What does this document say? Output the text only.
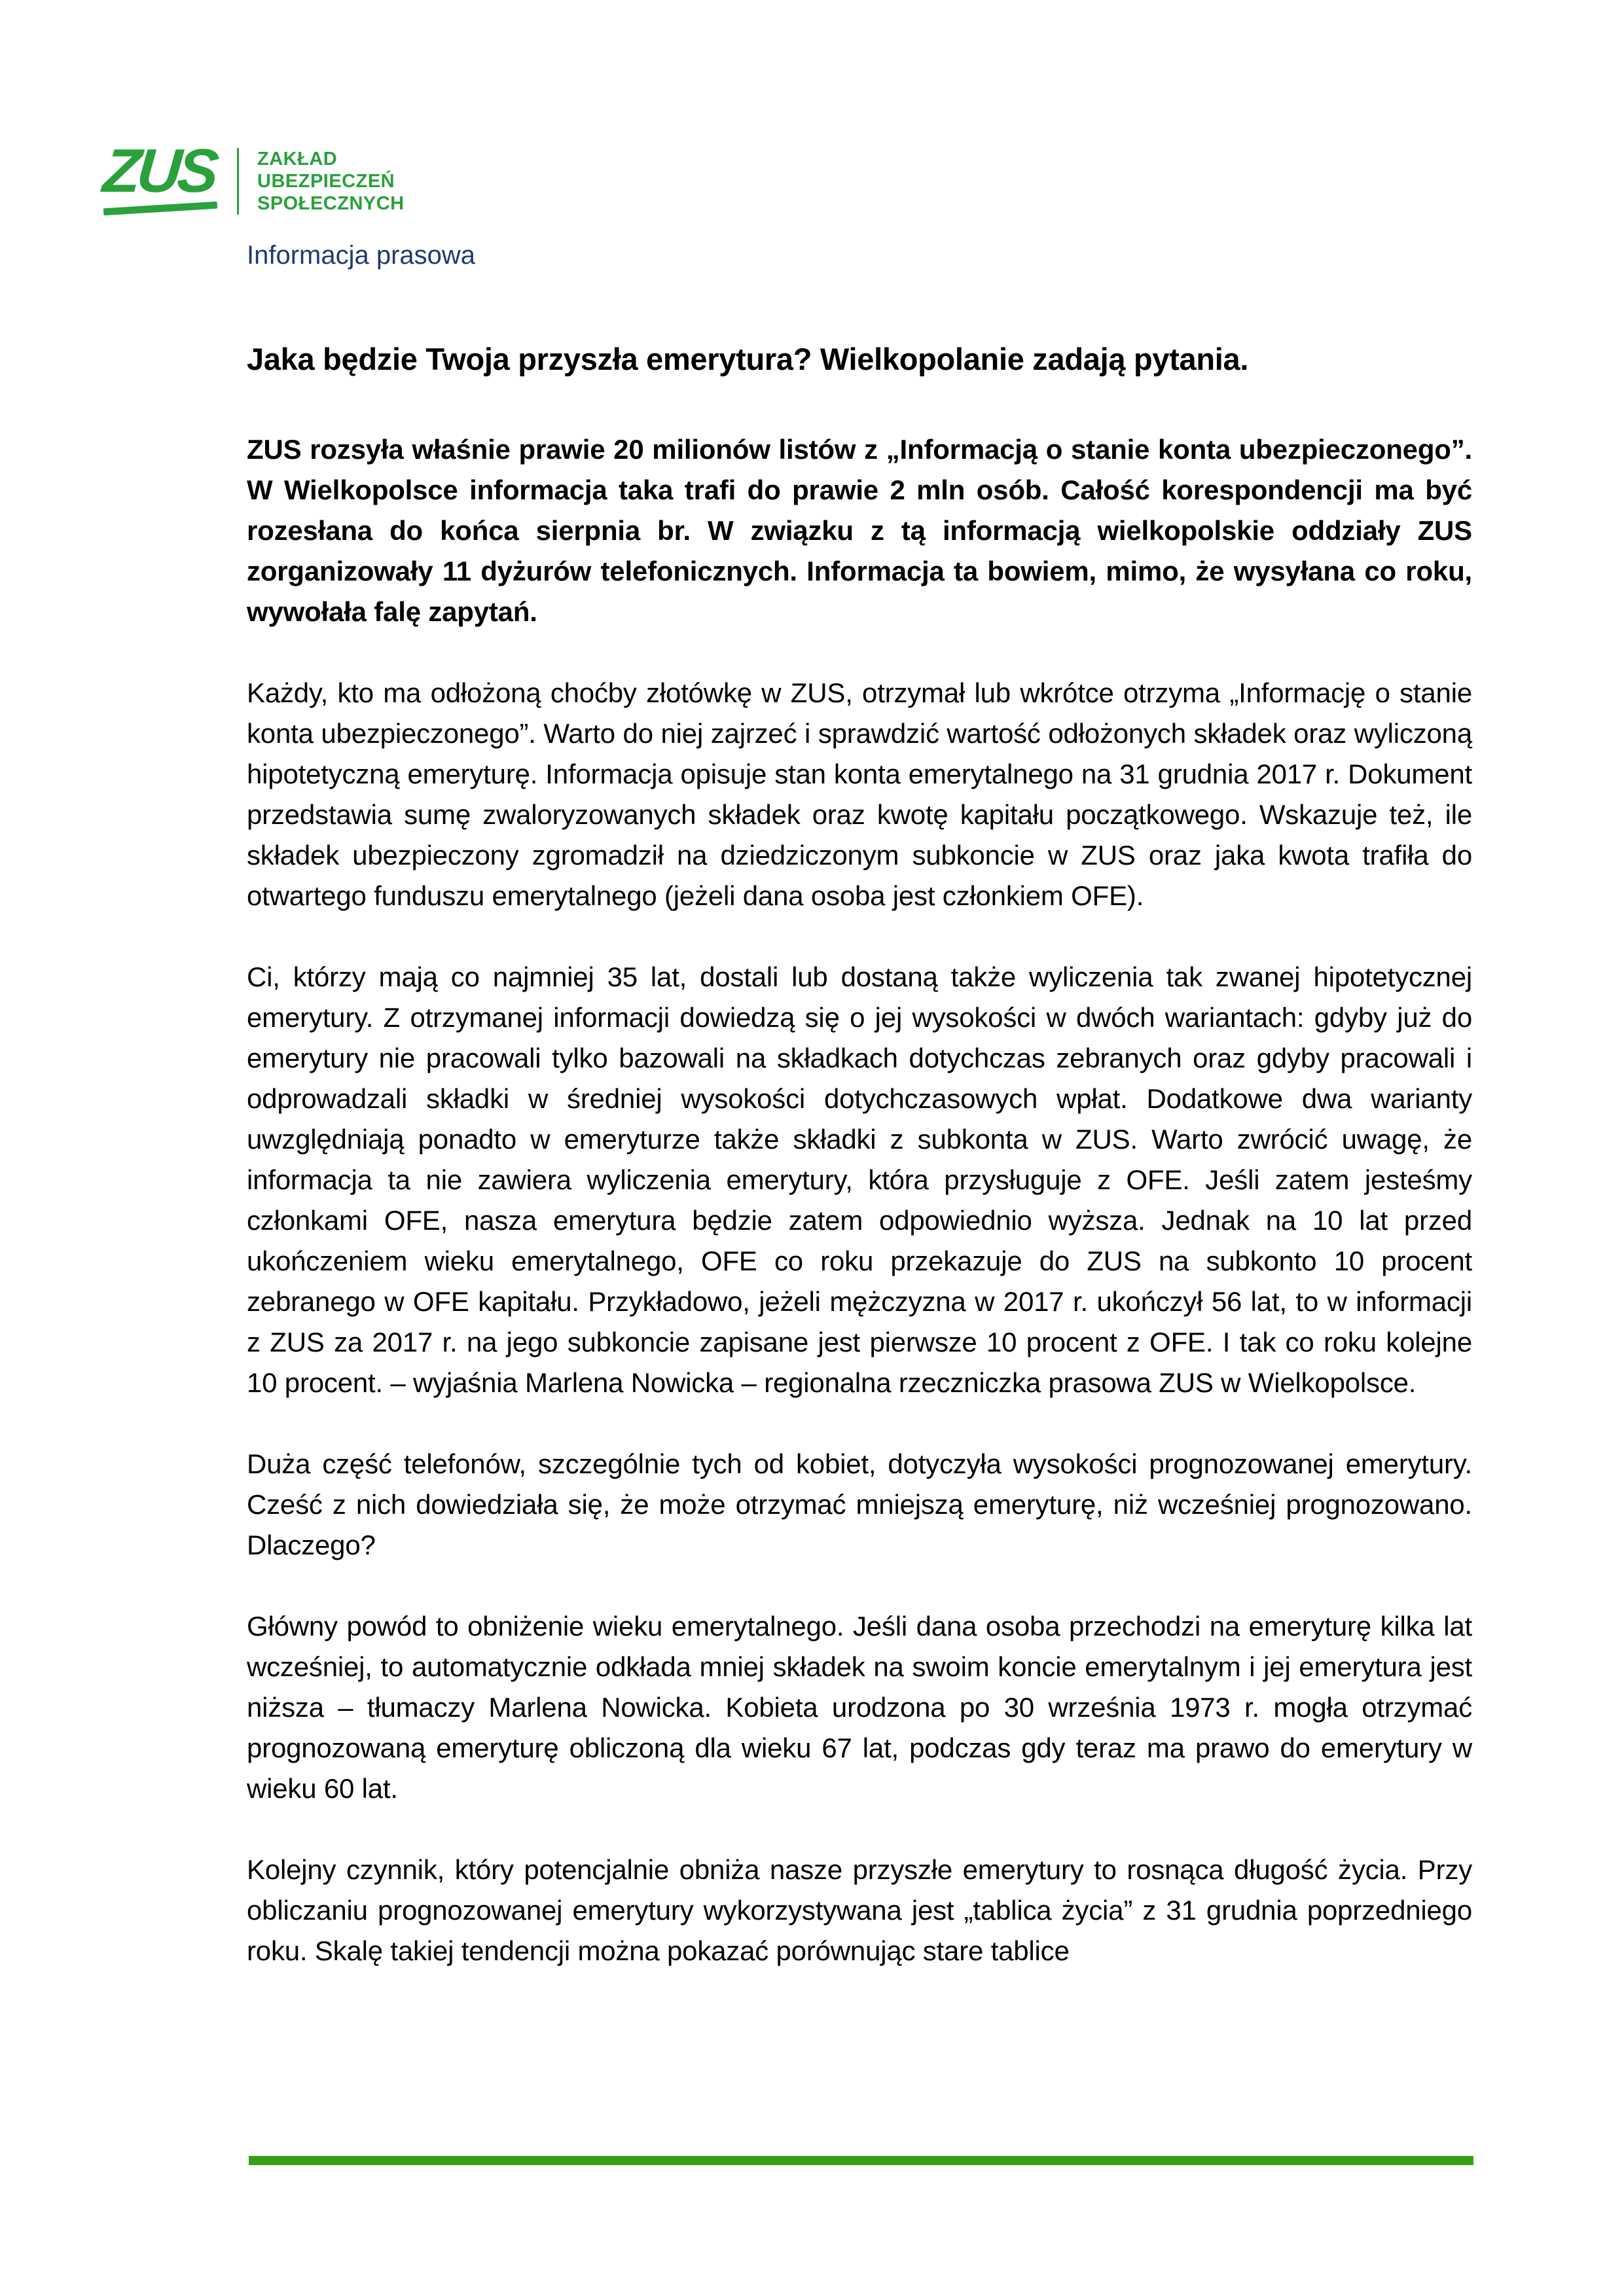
ZUS ZAKŁAD
UBEZPIECZEŃ
SPOŁECZNYCH
Informacja prasowa
Jaka będzie Twoja przyszła emerytura? Wielkopolanie zadają pytania.

ZUS rozsyła właśnie prawie 20 milionów listów z „Informacją o stanie konta ubezpieczonego”. W Wielkopolsce informacja taka trafi do prawie 2 mln osób. Całość korespondencji ma być rozesłana do końca sierpnia br. W związku z tą informacją wielkopolskie oddziały ZUS zorganizowały 11 dyżurów telefonicznych. Informacja ta bowiem, mimo, że wysyłana co roku, wywołała falę zapytań.

Każdy, kto ma odłożoną choćby złotówkę w ZUS, otrzymał lub wkrótce otrzyma „Informację o stanie konta ubezpieczonego”. Warto do niej zajrzeć i sprawdzić wartość odłożonych składek oraz wyliczoną hipotetyczną emeryturę. Informacja opisuje stan konta emerytalnego na 31 grudnia 2017 r. Dokument przedstawia sumę zwaloryzowanych składek oraz kwotę kapitału początkowego. Wskazuje też, ile składek ubezpieczony zgromadził na dziedziczonym subkoncie w ZUS oraz jaka kwota trafiła do otwartego funduszu emerytalnego (jeżeli dana osoba jest członkiem OFE).

Ci, którzy mają co najmniej 35 lat, dostali lub dostaną także wyliczenia tak zwanej hipotetycznej emerytury. Z otrzymanej informacji dowiedzą się o jej wysokości w dwóch wariantach: gdyby już do emerytury nie pracowali tylko bazowali na składkach dotychczas zebranych oraz gdyby pracowali i odprowadzali składki w średniej wysokości dotychczasowych wpłat. Dodatkowe dwa warianty uwzględniają ponadto w emeryturze także składki z subkonta w ZUS. Warto zwrócić uwagę, że informacja ta nie zawiera wyliczenia emerytury, która przysługuje z OFE. Jeśli zatem jesteśmy członkami OFE, nasza emerytura będzie zatem odpowiednio wyższa. Jednak na 10 lat przed ukończeniem wieku emerytalnego, OFE co roku przekazuje do ZUS na subkonto 10 procent zebranego w OFE kapitału. Przykładowo, jeżeli mężczyzna w 2017 r. ukończył 56 lat, to w informacji z ZUS za 2017 r. na jego subkoncie zapisane jest pierwsze 10 procent z OFE. I tak co roku kolejne 10 procent. – wyjaśnia Marlena Nowicka – regionalna rzeczniczka prasowa ZUS w Wielkopolsce.

Duża część telefonów, szczególnie tych od kobiet, dotyczyła wysokości prognozowanej emerytury. Cześć z nich dowiedziała się, że może otrzymać mniejszą emeryturę, niż wcześniej prognozowano. Dlaczego?

Główny powód to obniżenie wieku emerytalnego. Jeśli dana osoba przechodzi na emeryturę kilka lat wcześniej, to automatycznie odkłada mniej składek na swoim koncie emerytalnym i jej emerytura jest niższa – tłumaczy Marlena Nowicka. Kobieta urodzona po 30 września 1973 r. mogła otrzymać prognozowaną emeryturę obliczoną dla wieku 67 lat, podczas gdy teraz ma prawo do emerytury w wieku 60 lat.

Kolejny czynnik, który potencjalnie obniża nasze przyszłe emerytury to rosnąca długość życia. Przy obliczaniu prognozowanej emerytury wykorzystywana jest „tablica życia” z 31 grudnia poprzedniego roku. Skalę takiej tendencji można pokazać porównując stare tablice
